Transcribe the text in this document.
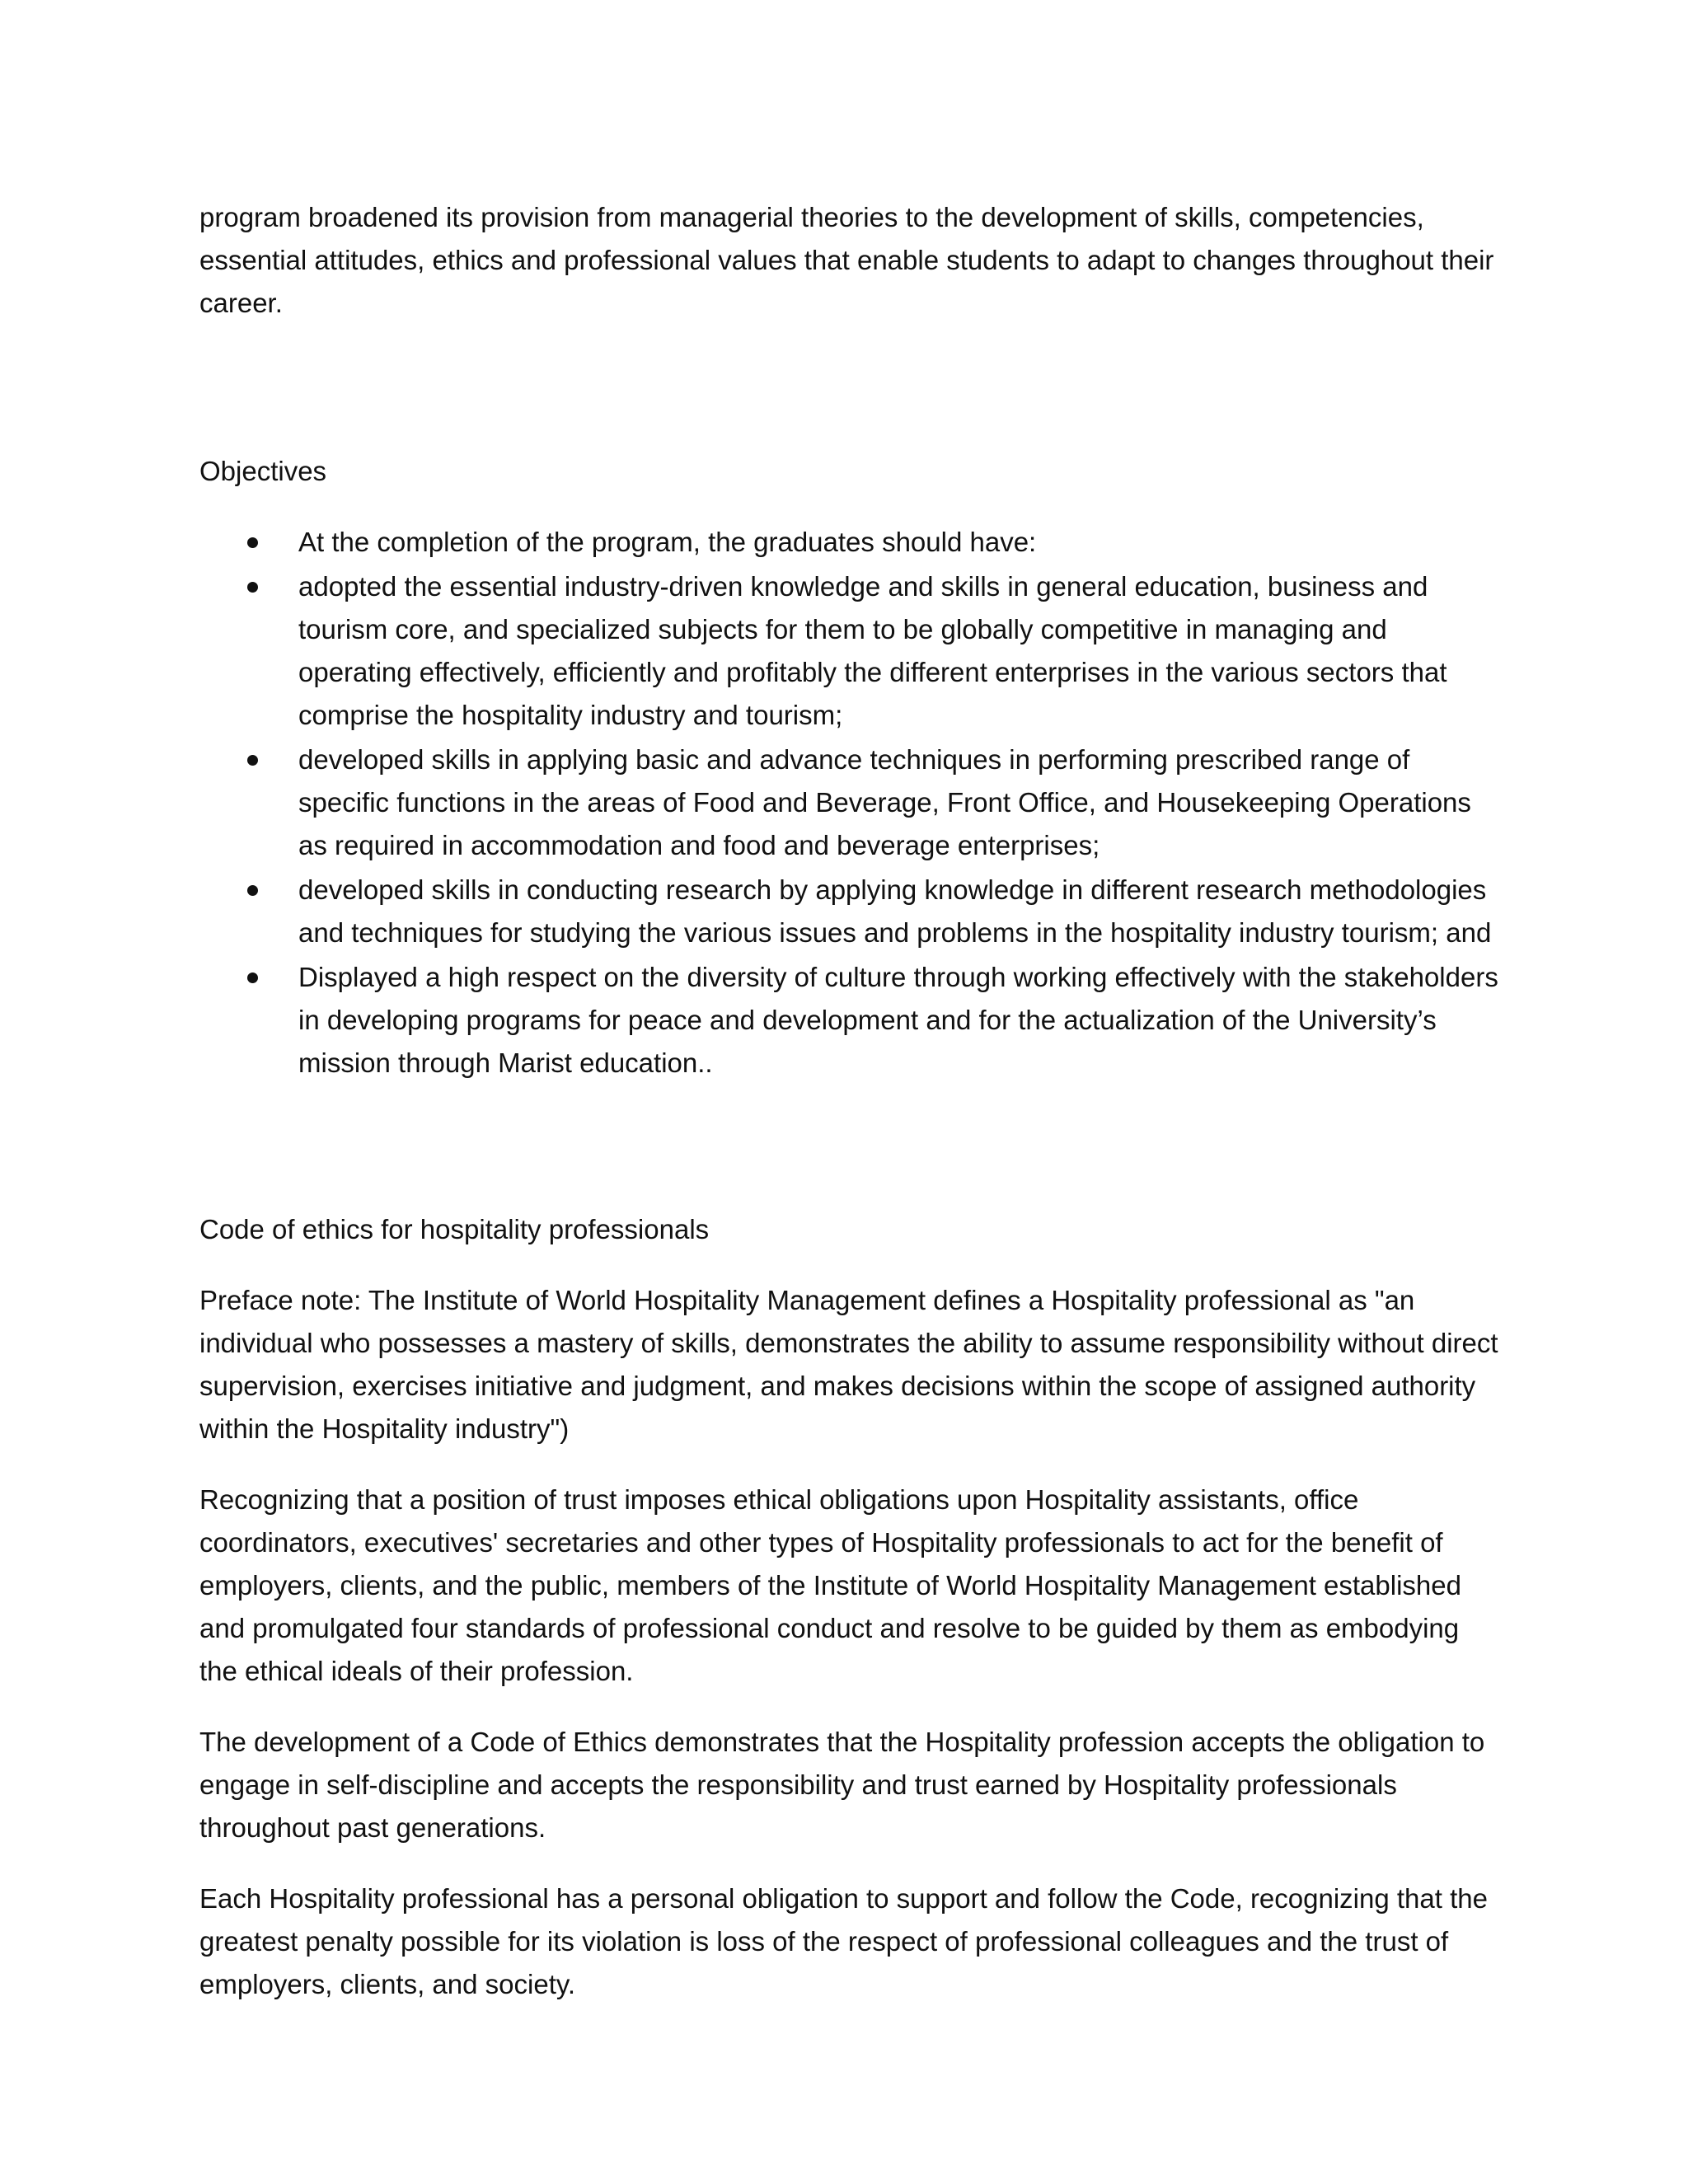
program broadened its provision from managerial theories to the development of skills, competencies, essential attitudes, ethics and professional values that enable students to adapt to changes throughout their career.

Objectives

At the completion of the program, the graduates should have:
adopted the essential industry-driven knowledge and skills in general education, business and tourism core, and specialized subjects for them to be globally competitive in managing and operating effectively, efficiently and profitably the different enterprises in the various sectors that comprise the hospitality industry and tourism;
developed skills in applying basic and advance techniques in performing prescribed range of specific functions in the areas of Food and Beverage, Front Office, and Housekeeping Operations as required in accommodation and food and beverage enterprises;
developed skills in conducting research by applying knowledge in different research methodologies and techniques for studying the various issues and problems in the hospitality industry tourism; and
Displayed a high respect on the diversity of culture through working effectively with the stakeholders in developing programs for peace and development and for the actualization of the University’s mission through Marist education..

Code of ethics for hospitality professionals

Preface note: The Institute of World Hospitality Management defines a Hospitality professional as "an individual who possesses a mastery of skills, demonstrates the ability to assume responsibility without direct supervision, exercises initiative and judgment, and makes decisions within the scope of assigned authority within the Hospitality industry")

Recognizing that a position of trust imposes ethical obligations upon Hospitality assistants, office coordinators, executives' secretaries and other types of Hospitality professionals to act for the benefit of employers, clients, and the public, members of the Institute of World Hospitality Management established and promulgated four standards of professional conduct and resolve to be guided by them as embodying the ethical ideals of their profession.

The development of a Code of Ethics demonstrates that the Hospitality profession accepts the obligation to engage in self-discipline and accepts the responsibility and trust earned by Hospitality professionals throughout past generations.

Each Hospitality professional has a personal obligation to support and follow the Code, recognizing that the greatest penalty possible for its violation is loss of the respect of professional colleagues and the trust of employers, clients, and society.
